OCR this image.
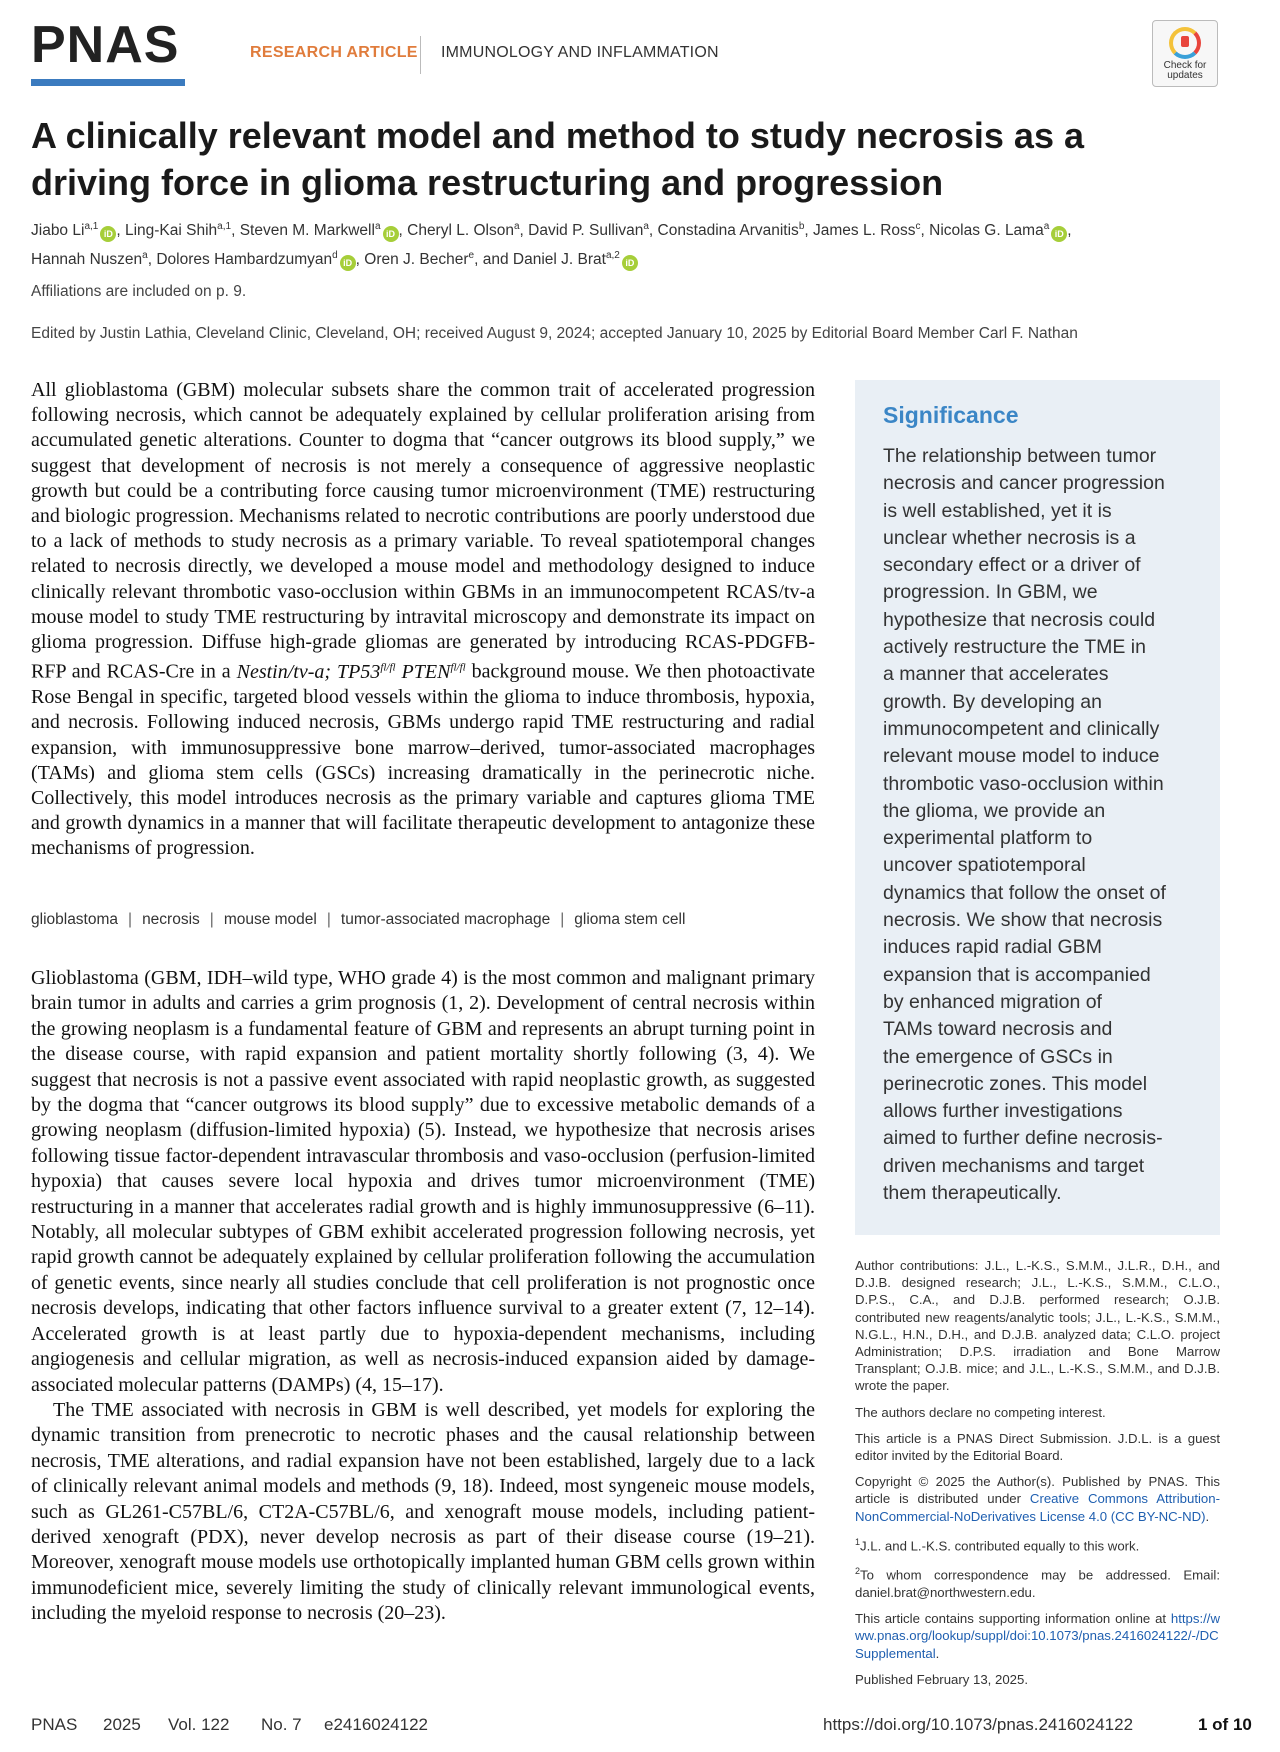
PNAS	RESEARCH ARTICLE IMMUNOLOGY AND INFLAMMATION
Check for
updates
A clinically relevant model and method to study necrosis as a
driving force in glioma restructuring and progression
Jiabo Li$^{a,1}$iD , Ling-Kai Shih$^{a,1}$, Steven M. Markwell$^a$iD , Cheryl L. Olson$^a$, David P. Sullivan$^a$, Constadina Arvanitis$^b$, James L. Ross$^c$, Nicolas G. Lama$^a$iD ,
Hannah Nuszen$^a$, Dolores Hambardzumyan$^d$iD , Oren J. Becher$^e$, and Daniel J. Brat$^{a,2}$iD
Affiliations are included on p. 9.
Edited by Justin Lathia, Cleveland Clinic, Cleveland, OH; received August 9, 2024; accepted January 10, 2025 by Editorial Board Member Carl F. Nathan

All glioblastoma (GBM) molecular subsets share the common trait of accelerated progression following necrosis, which cannot be adequately explained by cellular proliferation arising from accumulated genetic alterations. Counter to dogma that “cancer outgrows its blood supply,” we suggest that development of necrosis is not merely a consequence of aggressive neoplastic growth but could be a contributing force causing tumor microenvironment (TME) restructuring and biologic progression. Mechanisms related to necrotic contributions are poorly understood due to a lack of methods to study necrosis as a primary variable. To reveal spatiotemporal changes related to necrosis directly, we developed a mouse model and methodology designed to induce clinically relevant thrombotic vaso-occlusion within GBMs in an immunocompetent RCAS/tv-a mouse model to study TME restructuring by intravital microscopy and demonstrate its impact on glioma progression. Diffuse high-grade gliomas are generated by introducing RCAS-PDGFB-RFP and RCAS-Cre in a Nestin/tv-a; $TP53^{fl/fl}$ $PTEN^{fl/fl}$ background mouse. We then photoactivate Rose Bengal in specific, targeted blood vessels within the glioma to induce thrombosis, hypoxia, and necrosis. Following induced necrosis, GBMs undergo rapid TME restructuring and radial expansion, with immunosuppressive bone marrow–derived, tumor-associated macrophages (TAMs) and glioma stem cells (GSCs) increasing dramatically in the perinecrotic niche. Collectively, this model introduces necrosis as the primary variable and captures glioma TME and growth dynamics in a manner that will facilitate therapeutic development to antagonize these mechanisms of progression.

glioblastoma | necrosis | mouse model | tumor-associated macrophage | glioma stem cell

Glioblastoma (GBM, IDH–wild type, WHO grade 4) is the most common and malignant primary brain tumor in adults and carries a grim prognosis (1, 2). Development of central necrosis within the growing neoplasm is a fundamental feature of GBM and represents an abrupt turning point in the disease course, with rapid expansion and patient mortality shortly following (3, 4). We suggest that necrosis is not a passive event associated with rapid neoplastic growth, as suggested by the dogma that “cancer outgrows its blood supply” due to excessive metabolic demands of a growing neoplasm (diffusion-limited hypoxia) (5). Instead, we hypothesize that necrosis arises following tissue factor-dependent intravascular thrombosis and vaso-occlusion (perfusion-limited hypoxia) that causes severe local hypoxia and drives tumor microenvironment (TME) restructuring in a manner that accelerates radial growth and is highly immunosuppressive (6–11). Notably, all molecular subtypes of GBM exhibit accelerated progression following necrosis, yet rapid growth cannot be adequately explained by cellular proliferation following the accumulation of genetic events, since nearly all studies conclude that cell proliferation is not prognostic once necrosis develops, indicating that other factors influence survival to a greater extent (7, 12–14). Accelerated growth is at least partly due to hypoxia-dependent mechanisms, including angiogenesis and cellular migration, as well as necrosis-induced expansion aided by damage-associated molecular patterns (DAMPs) (4, 15–17).

The TME associated with necrosis in GBM is well described, yet models for exploring the dynamic transition from prenecrotic to necrotic phases and the causal relationship between necrosis, TME alterations, and radial expansion have not been established, largely due to a lack of clinically relevant animal models and methods (9, 18). Indeed, most syngeneic mouse models, such as GL261-C57BL/6, CT2A-C57BL/6, and xenograft mouse models, including patient-derived xenograft (PDX), never develop necrosis as part of their disease course (19–21). Moreover, xenograft mouse models use orthotopically implanted human GBM cells grown within immunodeficient mice, severely limiting the study of clinically relevant immunological events, including the myeloid response to necrosis (20–23).

Significance

The relationship between tumor
necrosis and cancer progression
is well established, yet it is
unclear whether necrosis is a
secondary effect or a driver of
progression. In GBM, we
hypothesize that necrosis could
actively restructure the TME in
a manner that accelerates
growth. By developing an
immunocompetent and clinically
relevant mouse model to induce
thrombotic vaso-occlusion within
the glioma, we provide an
experimental platform to
uncover spatiotemporal
dynamics that follow the onset of
necrosis. We show that necrosis
induces rapid radial GBM
expansion that is accompanied
by enhanced migration of
TAMs toward necrosis and
the emergence of GSCs in
perinecrotic zones. This model
allows further investigations
aimed to further define necrosis-
driven mechanisms and target
them therapeutically.

Author contributions: J.L., L.-K.S., S.M.M., J.L.R., D.H., and D.J.B. designed research; J.L., L.-K.S., S.M.M., C.L.O., D.P.S., C.A., and D.J.B. performed research; O.J.B. contributed new reagents/analytic tools; J.L., L.-K.S., S.M.M., N.G.L., H.N., D.H., and D.J.B. analyzed data; C.L.O. project Administration; D.P.S. irradiation and Bone Marrow Transplant; O.J.B. mice; and J.L., L.-K.S., S.M.M., and D.J.B. wrote the paper.

The authors declare no competing interest.

This article is a PNAS Direct Submission. J.D.L. is a guest editor invited by the Editorial Board.

Copyright © 2025 the Author(s). Published by PNAS. This article is distributed under Creative Commons Attribution-NonCommercial-NoDerivatives License 4.0 (CC BY-NC-ND).

$^1$J.L. and L.-K.S. contributed equally to this work.

$^2$To whom correspondence may be addressed. Email: daniel.brat@northwestern.edu.

This article contains supporting information online at https://www.pnas.org/lookup/suppl/doi:10.1073/pnas.2416024122/-/DCSupplemental.

Published February 13, 2025.

PNAS 2025 Vol. 122 No. 7 e2416024122	https://doi.org/10.1073/pnas.2416024122	1 of 10
